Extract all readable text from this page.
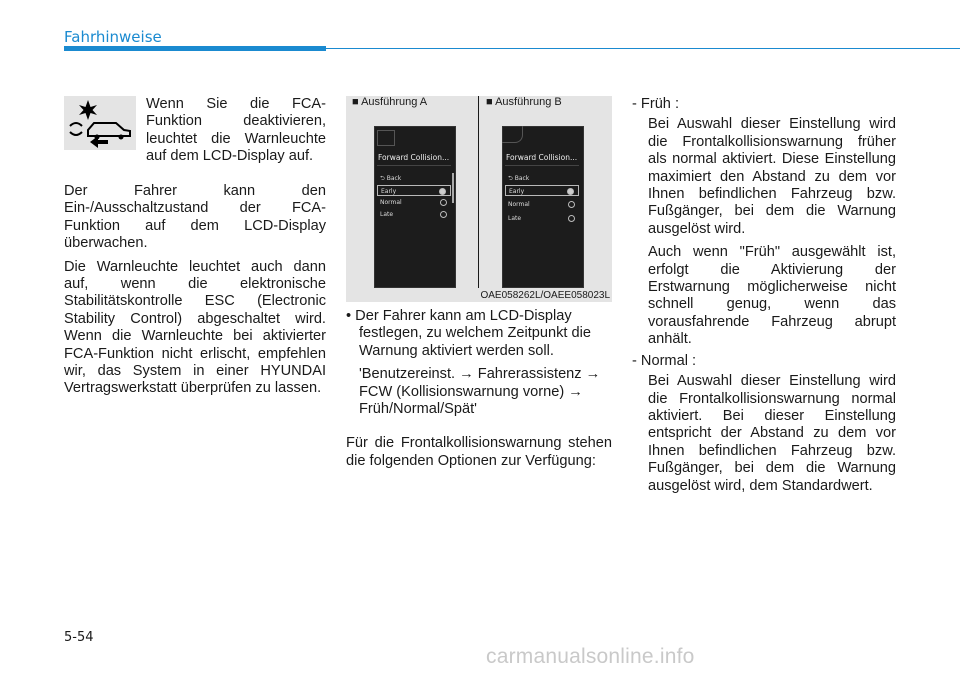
Fahrhinweise

Wenn Sie die FCA-Funktion deaktivieren, leuchtet die Warnleuchte auf dem LCD-Display auf.

Der Fahrer kann den Ein-/Ausschaltzustand der FCA-Funktion auf dem LCD-Display überwachen.

Die Warnleuchte leuchtet auch dann auf, wenn die elektronische Stabilitätskontrolle ESC (Electronic Stability Control) abgeschaltet wird. Wenn die Warnleuchte bei aktivierter FCA-Funktion nicht erlischt, empfehlen wir, das System in einer HYUNDAI Vertragswerkstatt überprüfen zu lassen.

■ Ausführung A	■ Ausführung B
Forward Collision...
⮌ Back
Early
Normal
Late
Forward Collision...
⮌ Back
Early
Normal
Late
OAE058262L/OAEE058023L

• Der Fahrer kann am LCD-Display festlegen, zu welchem Zeitpunkt die Warnung aktiviert werden soll.

'Benutzereinst. → Fahrerassistenz → FCW (Kollisionswarnung vorne) → Früh/Normal/Spät'

Für die Frontalkollisionswarnung stehen die folgenden Optionen zur Verfügung:

- Früh :

Bei Auswahl dieser Einstellung wird die Frontalkollisionswarnung früher als normal aktiviert. Diese Einstellung maximiert den Abstand zu dem vor Ihnen befindlichen Fahrzeug bzw. Fußgänger, bei dem die Warnung ausgelöst wird.

Auch wenn "Früh" ausgewählt ist, erfolgt die Aktivierung der Erstwarnung möglicherweise nicht schnell genug, wenn das vorausfahrende Fahrzeug abrupt anhält.

- Normal :

Bei Auswahl dieser Einstellung wird die Frontalkollisionswarnung normal aktiviert. Bei dieser Einstellung entspricht der Abstand zu dem vor Ihnen befindlichen Fahrzeug bzw. Fußgänger, bei dem die Warnung ausgelöst wird, dem Standardwert.

5-54
carmanualsonline.info
